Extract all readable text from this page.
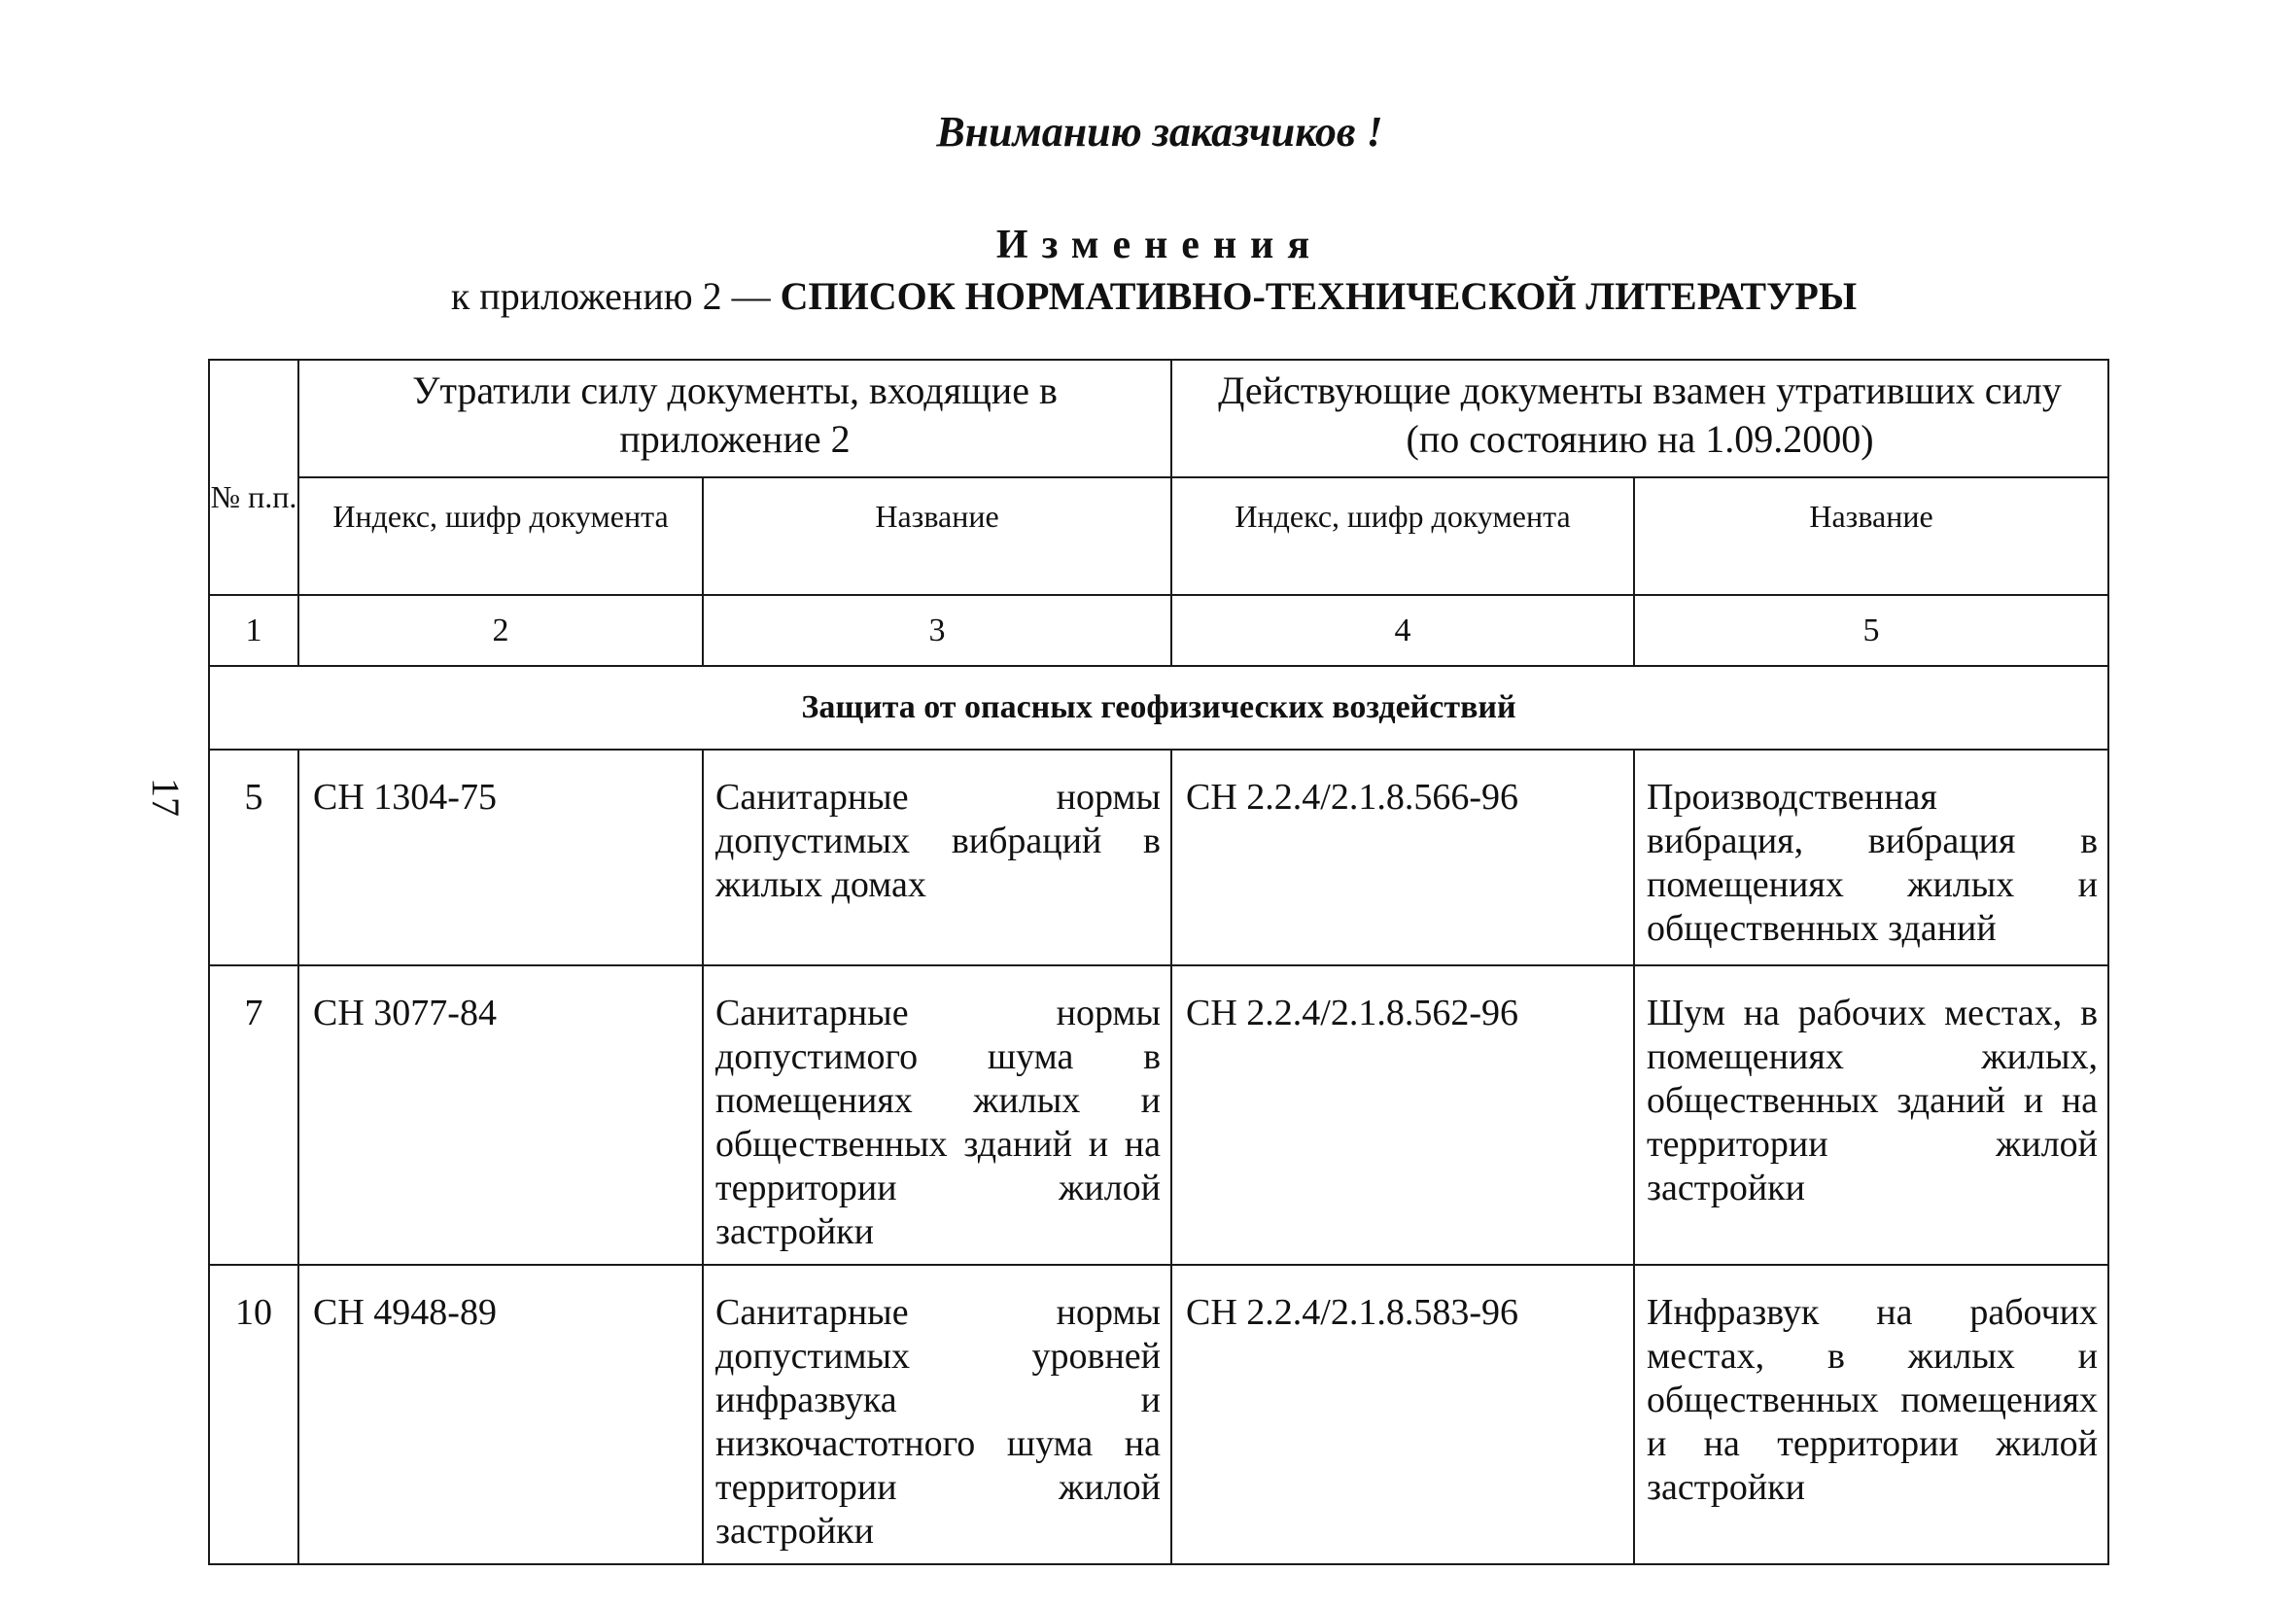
Вниманию заказчиков !
Изменения
к приложению 2 — СПИСОК НОРМАТИВНО-ТЕХНИЧЕСКОЙ ЛИТЕРАТУРЫ
17
№ п.п.	Утратили силу документы, входящие в приложение 2		Действующие документы взамен утративших силу (по состоянию на 1.09.2000)	
	Индекс, шифр документа	Название	Индекс, шифр документа	Название
1	2	3	4	5
Защита от опасных геофизических воздействий				
5	СН 1304-75	Санитарные нормы допустимых вибраций в жилых домах	СН 2.2.4/2.1.8.566-96	Производственная вибрация, вибрация в помещениях жилых и общественных зданий
7	СН 3077-84	Санитарные нормы допустимого шума в помещениях жилых и общественных зданий и на территории жилой застройки	СН 2.2.4/2.1.8.562-96	Шум на рабочих местах, в помещениях жилых, общественных зданий и на территории жилой застройки
10	СН 4948-89	Санитарные нормы допустимых уровней инфразвука и низкочастотного шума на территории жилой застройки	СН 2.2.4/2.1.8.583-96	Инфразвук на рабочих местах, в жилых и общественных помещениях и на территории жилой застройки
